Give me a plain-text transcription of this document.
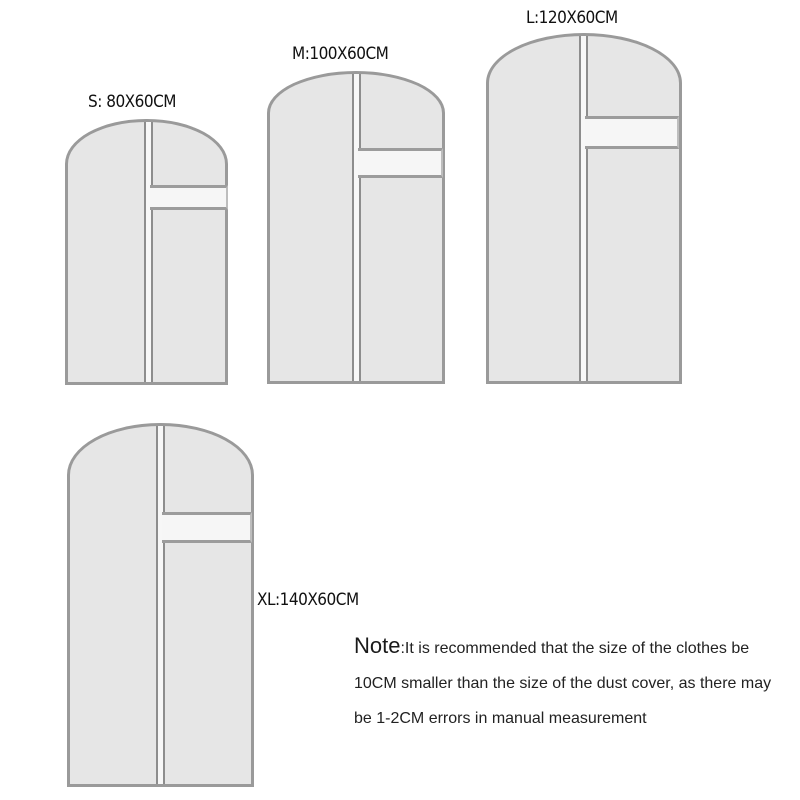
S: 80X60CM
M:100X60CM
L:120X60CM
XL:140X60CM
Note:It is recommended that the size of the clothes be 10CM smaller than the size of the dust cover, as there may be 1-2CM errors in manual measurement
